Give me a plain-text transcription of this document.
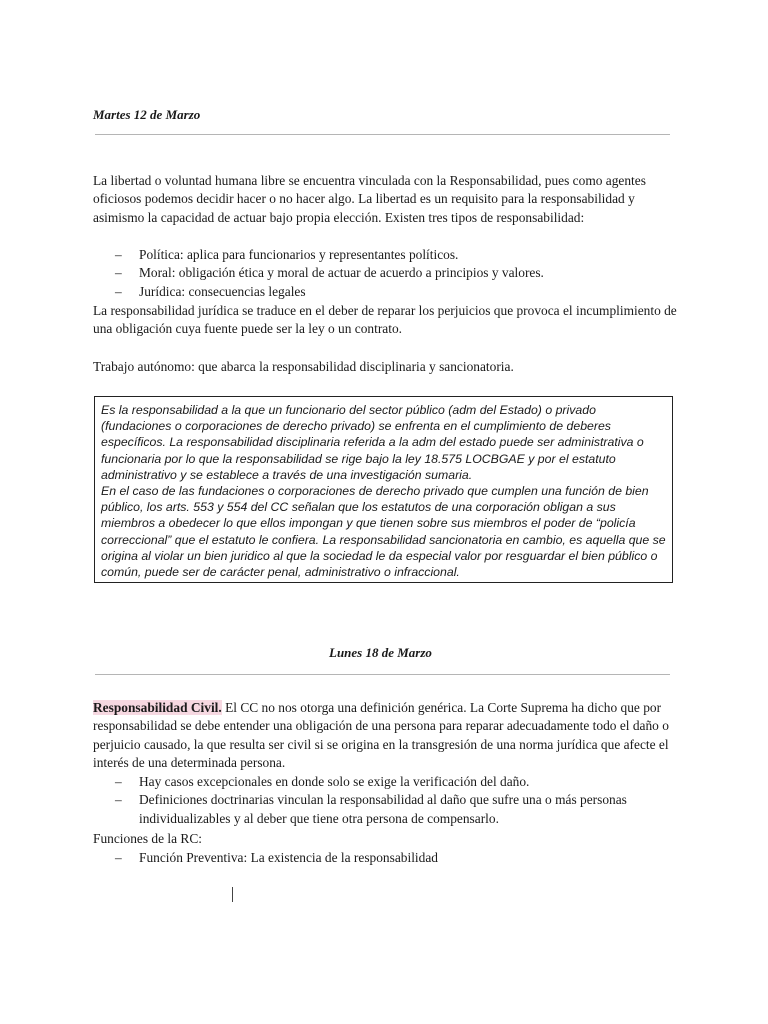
Martes 12 de Marzo

La libertad o voluntad humana libre se encuentra vinculada con la Responsabilidad, pues como agentes oficiosos podemos decidir hacer o no hacer algo. La libertad es un requisito para la responsabilidad y asimismo la capacidad de actuar bajo propia elección. Existen tres tipos de responsabilidad:

– Política: aplica para funcionarios y representantes políticos.
– Moral: obligación ética y moral de actuar de acuerdo a principios y valores.
– Jurídica: consecuencias legales

La responsabilidad jurídica se traduce en el deber de reparar los perjuicios que provoca el incumplimiento de una obligación cuya fuente puede ser la ley o un contrato.

Trabajo autónomo: que abarca la responsabilidad disciplinaria y sancionatoria.

Es la responsabilidad a la que un funcionario del sector público (adm del Estado) o privado (fundaciones o corporaciones de derecho privado) se enfrenta en el cumplimiento de deberes específicos. La responsabilidad disciplinaria referida a la adm del estado puede ser administrativa o funcionaria por lo que la responsabilidad se rige bajo la ley 18.575 LOCBGAE y por el estatuto administrativo y se establece a través de una investigación sumaria.

En el caso de las fundaciones o corporaciones de derecho privado que cumplen una función de bien público, los arts. 553 y 554 del CC señalan que los estatutos de una corporación obligan a sus miembros a obedecer lo que ellos impongan y que tienen sobre sus miembros el poder de “policía correccional” que el estatuto le confiera. La responsabilidad sancionatoria en cambio, es aquella que se origina al violar un bien juridico al que la sociedad le da especial valor por resguardar el bien público o común, puede ser de carácter penal, administrativo o infraccional.

Lunes 18 de Marzo

Responsabilidad Civil. El CC no nos otorga una definición genérica. La Corte Suprema ha dicho que por responsabilidad se debe entender una obligación de una persona para reparar adecuadamente todo el daño o perjuicio causado, la que resulta ser civil si se origina en la transgresión de una norma jurídica que afecte el interés de una determinada persona.

– Hay casos excepcionales en donde solo se exige la verificación del daño.
– Definiciones doctrinarias vinculan la responsabilidad al daño que sufre una o más personas individualizables y al deber que tiene otra persona de compensarlo.

Funciones de la RC:

– Función Preventiva: La existencia de la responsabilidad
